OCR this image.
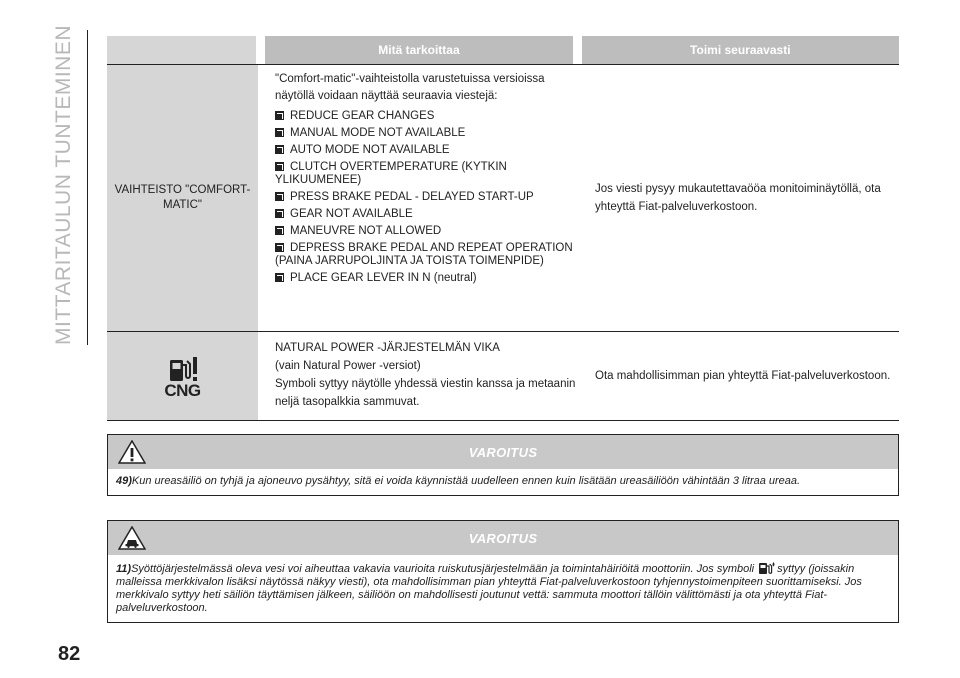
MITTARITAULUN TUNTEMINEN
82
Mitä tarkoittaa	Toimi seuraavasti
VAIHTEISTO "COMFORT-MATIC"

"Comfort-matic"-vaihteistolla varustetuissa versioissa näytöllä voidaan näyttää seuraavia viestejä:

REDUCE GEAR CHANGES
MANUAL MODE NOT AVAILABLE
AUTO MODE NOT AVAILABLE
CLUTCH OVERTEMPERATURE (KYTKIN YLIKUUMENEE)
PRESS BRAKE PEDAL - DELAYED START-UP
GEAR NOT AVAILABLE
MANEUVRE NOT ALLOWED
DEPRESS BRAKE PEDAL AND REPEAT OPERATION (PAINA JARRUPOLJINTA JA TOISTA TOIMENPIDE)
PLACE GEAR LEVER IN N (neutral)
Jos viesti pysyy mukautettavaööa monitoiminäytöllä, ota yhteyttä Fiat-palveluverkostoon.
CNG
NATURAL POWER -JÄRJESTELMÄN VIKA
(vain Natural Power -versiot)
Symboli syttyy näytölle yhdessä viestin kanssa ja metaanin neljä tasopalkkia sammuvat.
Ota mahdollisimman pian yhteyttä Fiat-palveluverkostoon.
VAROITUS
49)Kun ureasäiliö on tyhjä ja ajoneuvo pysähtyy, sitä ei voida käynnistää uudelleen ennen kuin lisätään ureasäiliöön vähintään 3 litraa ureaa.
VAROITUS
11)Syöttöjärjestelmässä oleva vesi voi aiheuttaa vakavia vaurioita ruiskutusjärjestelmään ja toimintahäiriöitä moottoriin. Jos symboli syttyy (joissakin malleissa merkkivalon lisäksi näytössä näkyy viesti), ota mahdollisimman pian yhteyttä Fiat-palveluverkostoon tyhjennystoimenpiteen suorittamiseksi. Jos merkkivalo syttyy heti säiliön täyttämisen jälkeen, säiliöön on mahdollisesti joutunut vettä: sammuta moottori tällöin välittömästi ja ota yhteyttä Fiat-palveluverkostoon.
